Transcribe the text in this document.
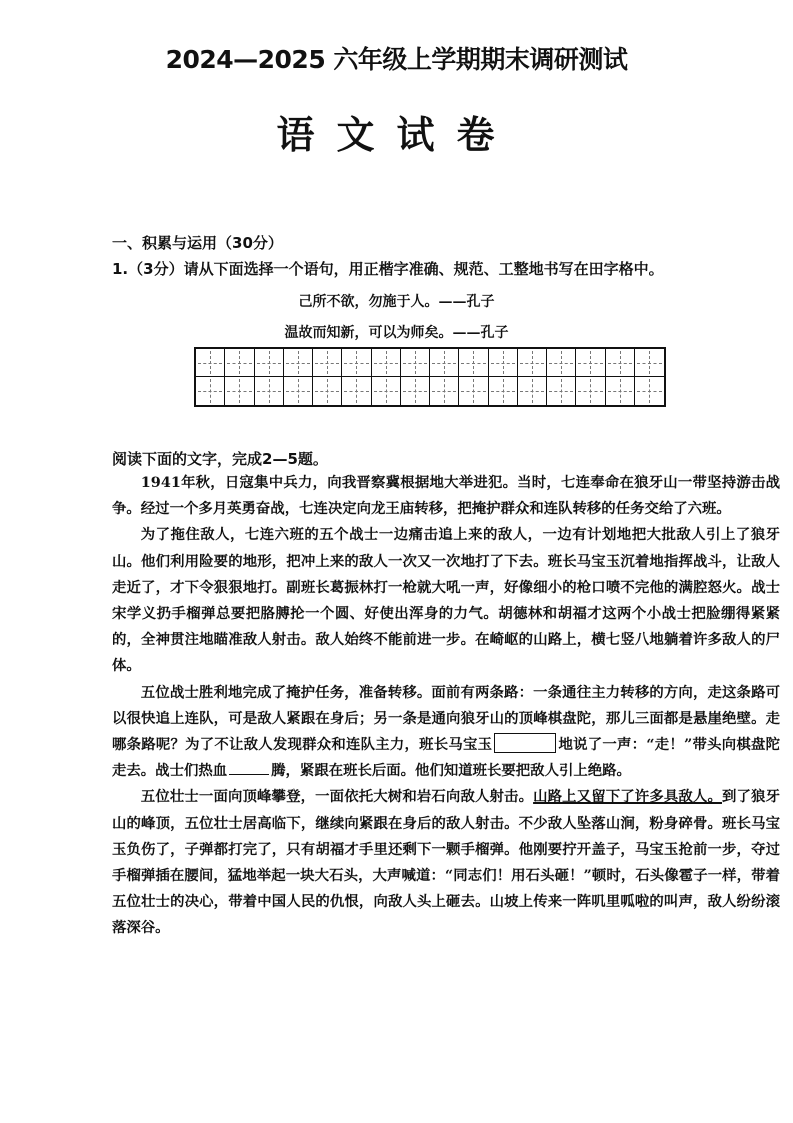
2024—2025 六年级上学期期末调研测试
语文试卷
一、积累与运用（30分）
1.（3分）请从下面选择一个语句，用正楷字准确、规范、工整地书写在田字格中。
己所不欲，勿施于人。——孔子
温故而知新，可以为师矣。——孔子
阅读下面的文字，完成2—5题。

1941年秋，日寇集中兵力，向我晋察冀根据地大举进犯。当时，七连奉命在狼牙山一带坚持游击战争。经过一个多月英勇奋战，七连决定向龙王庙转移，把掩护群众和连队转移的任务交给了六班。

为了拖住敌人，七连六班的五个战士一边痛击追上来的敌人，一边有计划地把大批敌人引上了狼牙山。他们利用险要的地形，把冲上来的敌人一次又一次地打了下去。班长马宝玉沉着地指挥战斗，让敌人走近了，才下令狠狠地打。副班长葛振林打一枪就大吼一声，好像细小的枪口喷不完他的满腔怒火。战士宋学义扔手榴弹总要把胳膊抡一个圆、好使出浑身的力气。胡德林和胡福才这两个小战士把脸绷得紧紧的，全神贯注地瞄准敌人射击。敌人始终不能前进一步。在崎岖的山路上，横七竖八地躺着许多敌人的尸体。

五位战士胜利地完成了掩护任务，准备转移。面前有两条路：一条通往主力转移的方向，走这条路可以很快追上连队，可是敌人紧跟在身后；另一条是通向狼牙山的顶峰棋盘陀，那儿三面都是悬崖绝壁。走哪条路呢？为了不让敌人发现群众和连队主力，班长马宝玉	地说了一声：“走！”带头向棋盘陀走去。战士们热血	腾，紧跟在班长后面。他们知道班长要把敌人引上绝路。

五位壮士一面向顶峰攀登，一面依托大树和岩石向敌人射击。山路上又留下了许多具敌人。到了狼牙山的峰顶，五位壮士居高临下，继续向紧跟在身后的敌人射击。不少敌人坠落山涧，粉身碎骨。班长马宝玉负伤了，子弹都打完了，只有胡福才手里还剩下一颗手榴弹。他刚要拧开盖子，马宝玉抢前一步，夺过手榴弹插在腰间，猛地举起一块大石头，大声喊道：“同志们！用石头砸！”顿时，石头像雹子一样，带着五位壮士的决心，带着中国人民的仇恨，向敌人头上砸去。山坡上传来一阵叽里呱啦的叫声，敌人纷纷滚落深谷。
